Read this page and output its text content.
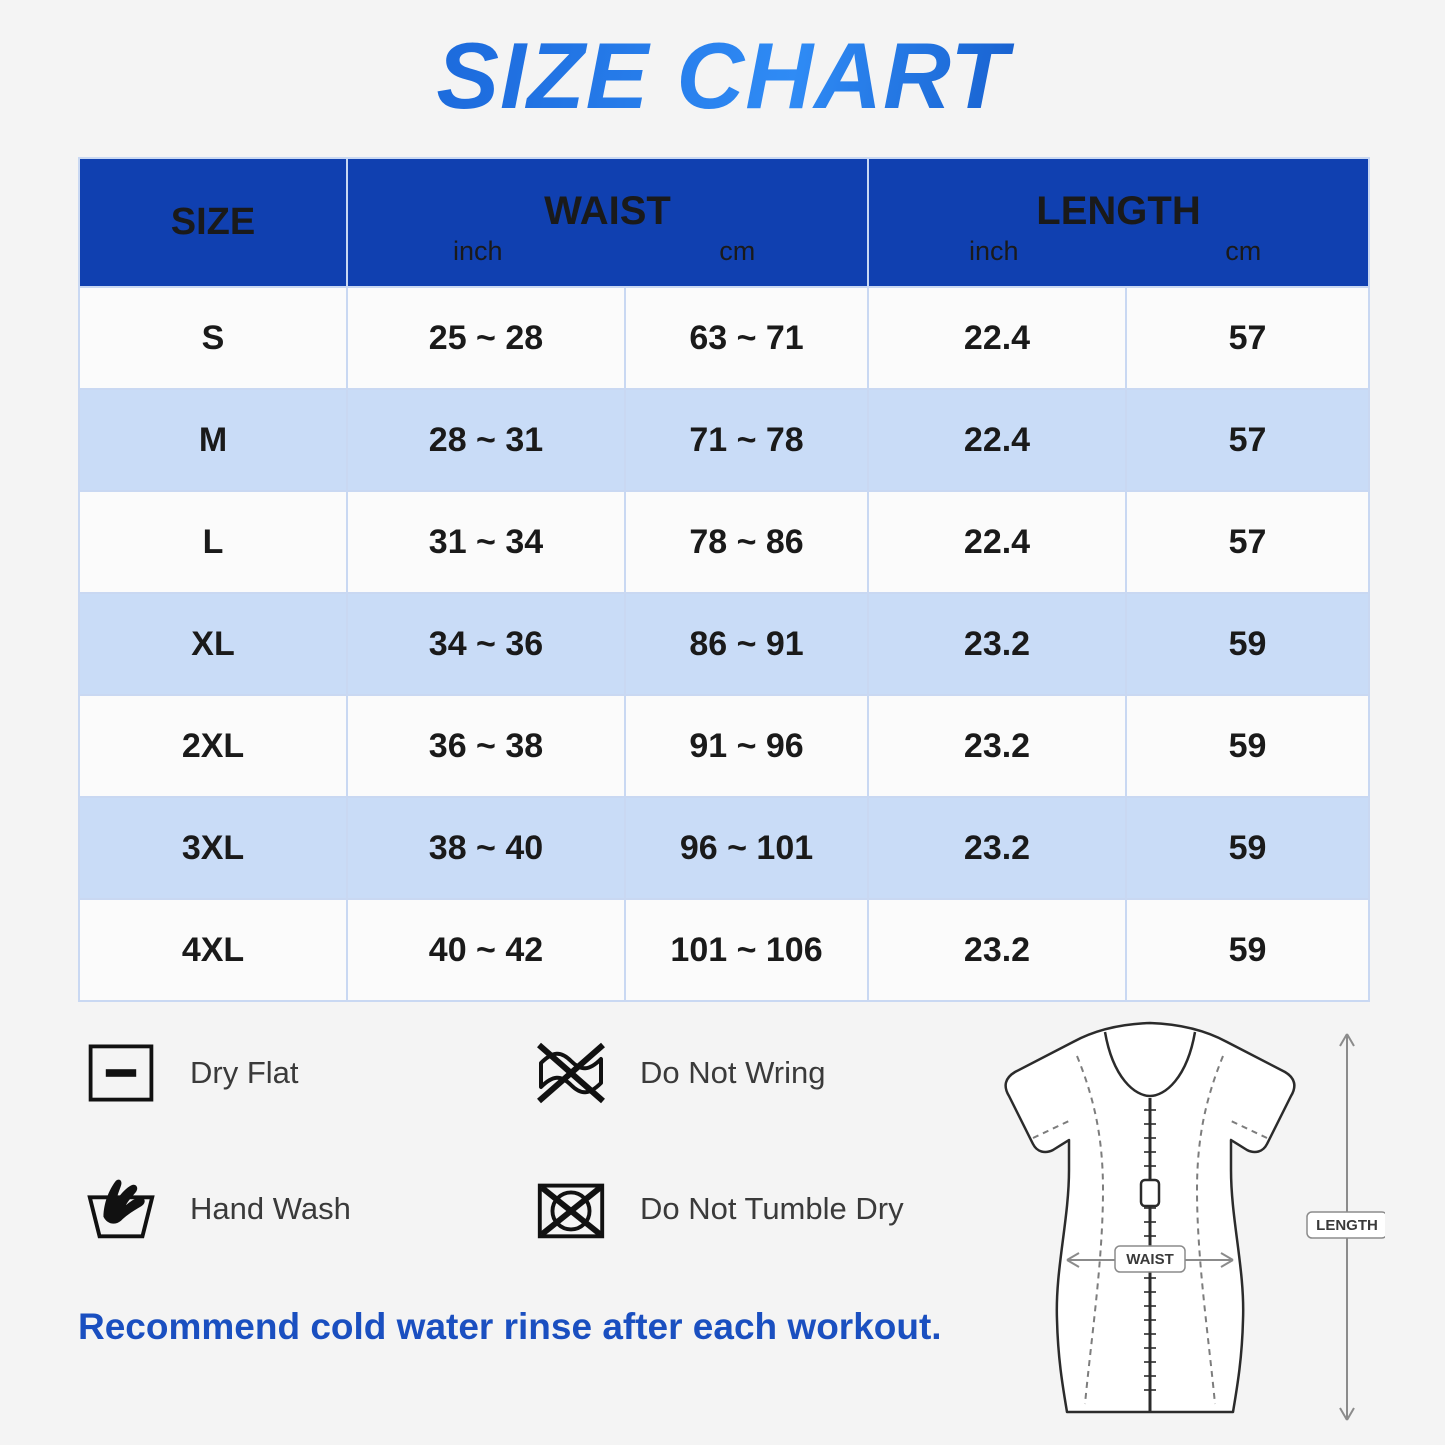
SIZE CHART
SIZE	WAIST
inch	cm

LENGTH
inch	cm

S	25 ~ 28	63 ~ 71	22.4	57
M	28 ~ 31	71 ~ 78	22.4	57
L	31 ~ 34	78 ~ 86	22.4	57
XL	34 ~ 36	86 ~ 91	23.2	59
2XL	36 ~ 38	91 ~ 96	23.2	59
3XL	38 ~ 40	96 ~ 101	23.2	59
4XL	40 ~ 42	101 ~ 106	23.2	59
Dry Flat	Do Not Wring
Hand Wash	Do Not Tumble Dry
Recommend cold water rinse after each workout.
WAIST
LENGTH
